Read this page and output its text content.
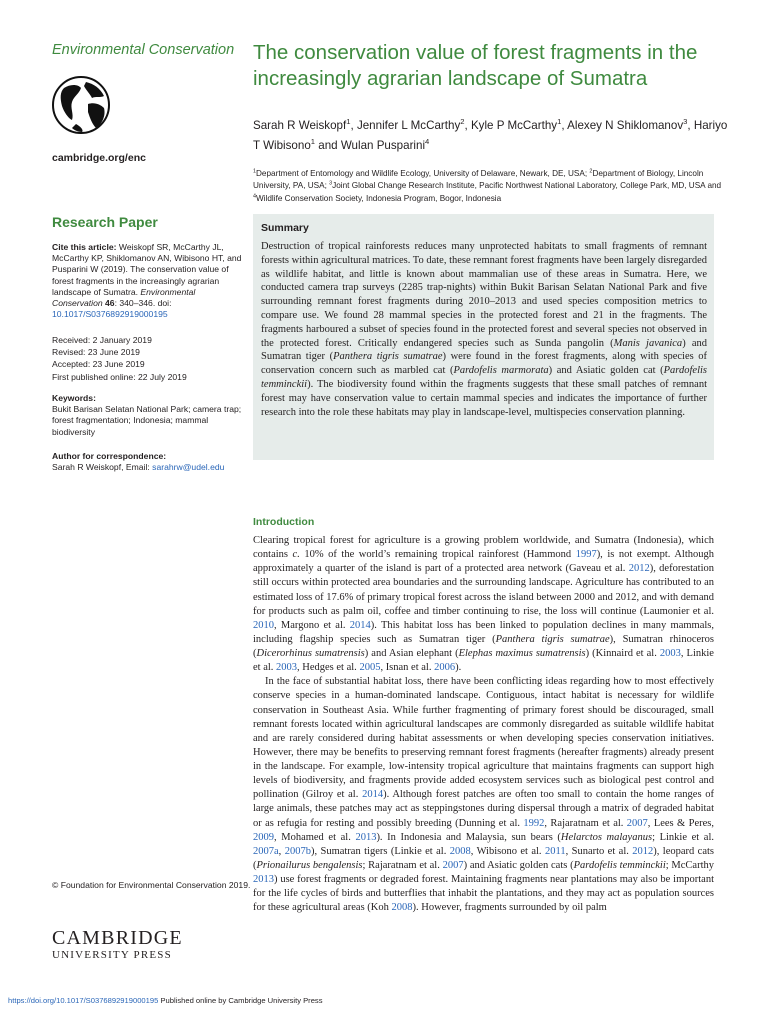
Environmental Conservation
cambridge.org/enc
Research Paper
Cite this article: Weiskopf SR, McCarthy JL, McCarthy KP, Shiklomanov AN, Wibisono HT, and Pusparini W (2019). The conservation value of forest fragments in the increasingly agrarian landscape of Sumatra. Environmental Conservation 46: 340–346. doi: 10.1017/S0376892919000195
Received: 2 January 2019
Revised: 23 June 2019
Accepted: 23 June 2019
First published online: 22 July 2019
Keywords:
Bukit Barisan Selatan National Park; camera trap; forest fragmentation; Indonesia; mammal biodiversity
Author for correspondence:
Sarah R Weiskopf, Email: sarahrw@udel.edu
© Foundation for Environmental Conservation 2019.
CAMBRIDGE
UNIVERSITY PRESS
The conservation value of forest fragments in the increasingly agrarian landscape of Sumatra
Sarah R Weiskopf$^1$, Jennifer L McCarthy$^2$, Kyle P McCarthy$^1$, Alexey N Shiklomanov$^3$, Hariyo T Wibisono$^1$ and Wulan Pusparini$^4$
$^1$Department of Entomology and Wildlife Ecology, University of Delaware, Newark, DE, USA; $^2$Department of Biology, Lincoln University, PA, USA; $^3$Joint Global Change Research Institute, Pacific Northwest National Laboratory, College Park, MD, USA and $^4$Wildlife Conservation Society, Indonesia Program, Bogor, Indonesia
Summary
Destruction of tropical rainforests reduces many unprotected habitats to small fragments of remnant forests within agricultural matrices. To date, these remnant forest fragments have been largely disregarded as wildlife habitat, and little is known about mammalian use of these areas in Sumatra. Here, we conducted camera trap surveys (2285 trap-nights) within Bukit Barisan Selatan National Park and five surrounding remnant forest fragments during 2010–2013 and used species composition metrics to compare use. We found 28 mammal species in the protected forest and 21 in the fragments. The fragments harboured a subset of species found in the protected forest and several species not observed in the protected forest. Critically endangered species such as Sunda pangolin (Manis javanica) and Sumatran tiger (Panthera tigris sumatrae) were found in the forest fragments, along with species of conservation concern such as marbled cat (Pardofelis marmorata) and Asiatic golden cat (Pardofelis temminckii). The biodiversity found within the fragments suggests that these small patches of remnant forest may have conservation value to certain mammal species and indicates the importance of further research into the role these habitats may play in landscape-level, multispecies conservation planning.
Introduction

Clearing tropical forest for agriculture is a growing problem worldwide, and Sumatra (Indonesia), which contains c. 10% of the world’s remaining tropical rainforest (Hammond 1997), is not exempt. Although approximately a quarter of the island is part of a protected area network (Gaveau et al. 2012), deforestation still occurs within protected area boundaries and the surrounding landscape. Agriculture has contributed to an estimated loss of 17.6% of primary tropical forest across the island between 2000 and 2012, and with demand for products such as palm oil, coffee and timber continuing to rise, the loss will continue (Laumonier et al. 2010, Margono et al. 2014). This habitat loss has been linked to population declines in many mammals, including flagship species such as Sumatran tiger (Panthera tigris sumatrae), Sumatran rhinoceros (Dicerorhinus sumatrensis) and Asian elephant (Elephas maximus sumatrensis) (Kinnaird et al. 2003, Linkie et al. 2003, Hedges et al. 2005, Isnan et al. 2006).

In the face of substantial habitat loss, there have been conflicting ideas regarding how to most effectively conserve species in a human-dominated landscape. Contiguous, intact habitat is necessary for wildlife conservation in Southeast Asia. While further fragmenting of primary forest should be discouraged, small remnant forests located within agricultural landscapes are commonly disregarded as suitable wildlife habitat and are rarely considered during habitat assessments or when developing species conservation initiatives. However, there may be benefits to preserving remnant forest fragments (hereafter fragments) already present in the landscape. For example, low-intensity tropical agriculture that maintains fragments can support high levels of biodiversity, and fragments provide added ecosystem services such as biological pest control and pollination (Gilroy et al. 2014). Although forest patches are often too small to contain the home ranges of large animals, these patches may act as steppingstones during dispersal through a matrix of degraded habitat or as refugia for resting and possibly breeding (Dunning et al. 1992, Rajaratnam et al. 2007, Lees & Peres, 2009, Mohamed et al. 2013). In Indonesia and Malaysia, sun bears (Helarctos malayanus; Linkie et al. 2007a, 2007b), Sumatran tigers (Linkie et al. 2008, Wibisono et al. 2011, Sunarto et al. 2012), leopard cats (Prionailurus bengalensis; Rajaratnam et al. 2007) and Asiatic golden cats (Pardofelis temminckii; McCarthy 2013) use forest fragments or degraded forest. Maintaining fragments near plantations may also be important for the life cycles of birds and butterflies that inhabit the plantations, and they may act as population sources for these agricultural areas (Koh 2008). However, fragments surrounded by oil palm

https://doi.org/10.1017/S0376892919000195 Published online by Cambridge University Press
